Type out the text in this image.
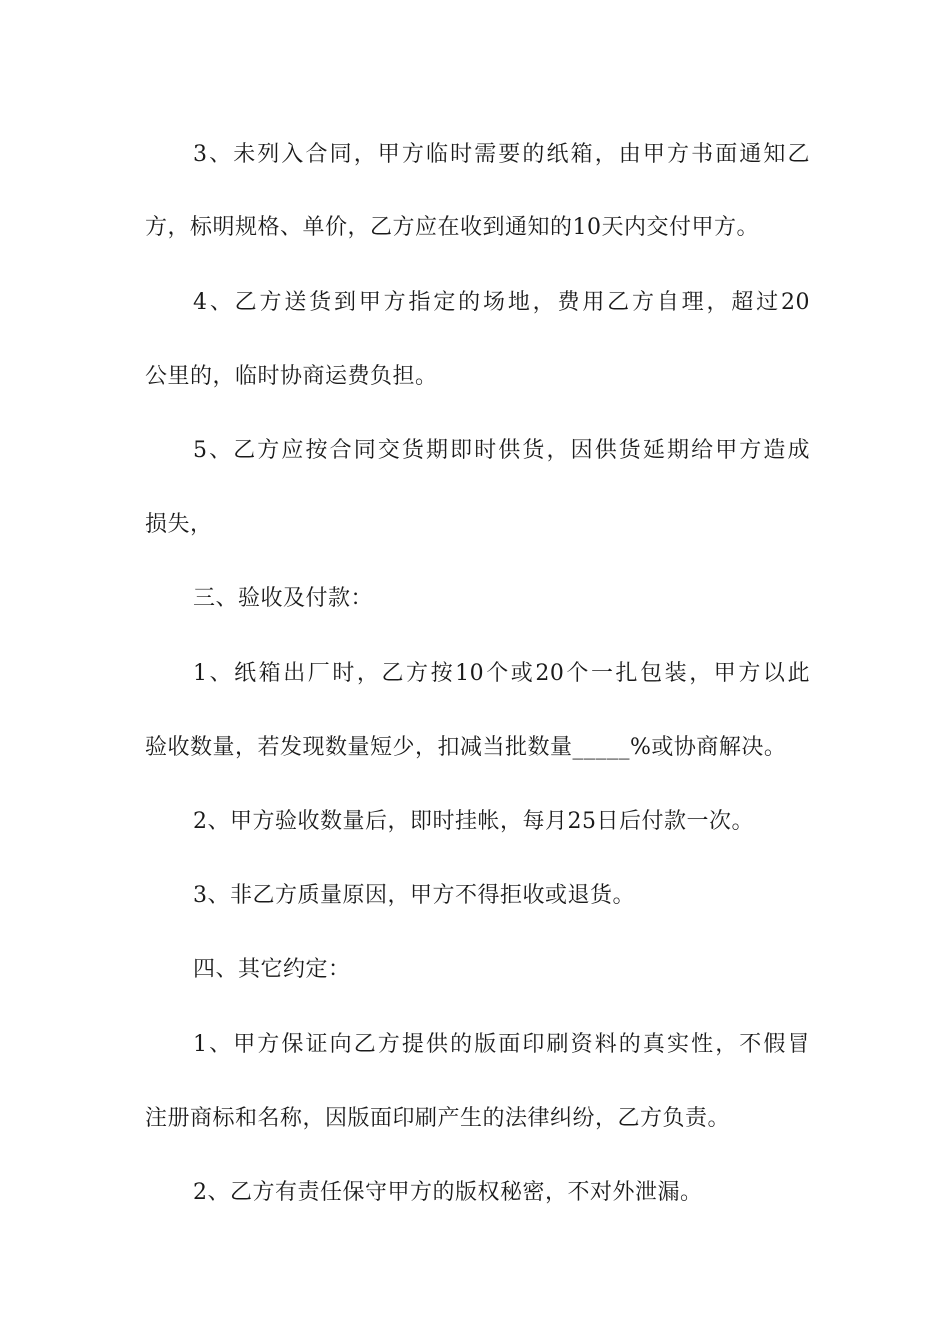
3、未列入合同，甲方临时需要的纸箱，由甲方书面通知乙
方，标明规格、单价，乙方应在收到通知的10天内交付甲方。
4、乙方送货到甲方指定的场地，费用乙方自理，超过20
公里的，临时协商运费负担。
5、乙方应按合同交货期即时供货，因供货延期给甲方造成
损失，
三、验收及付款：
1、纸箱出厂时，乙方按10个或20个一扎包装，甲方以此
验收数量，若发现数量短少，扣减当批数量_____%或协商解决。
2、甲方验收数量后，即时挂帐，每月25日后付款一次。
3、非乙方质量原因，甲方不得拒收或退货。
四、其它约定：
1、甲方保证向乙方提供的版面印刷资料的真实性，不假冒
注册商标和名称，因版面印刷产生的法律纠纷，乙方负责。
2、乙方有责任保守甲方的版权秘密，不对外泄漏。
